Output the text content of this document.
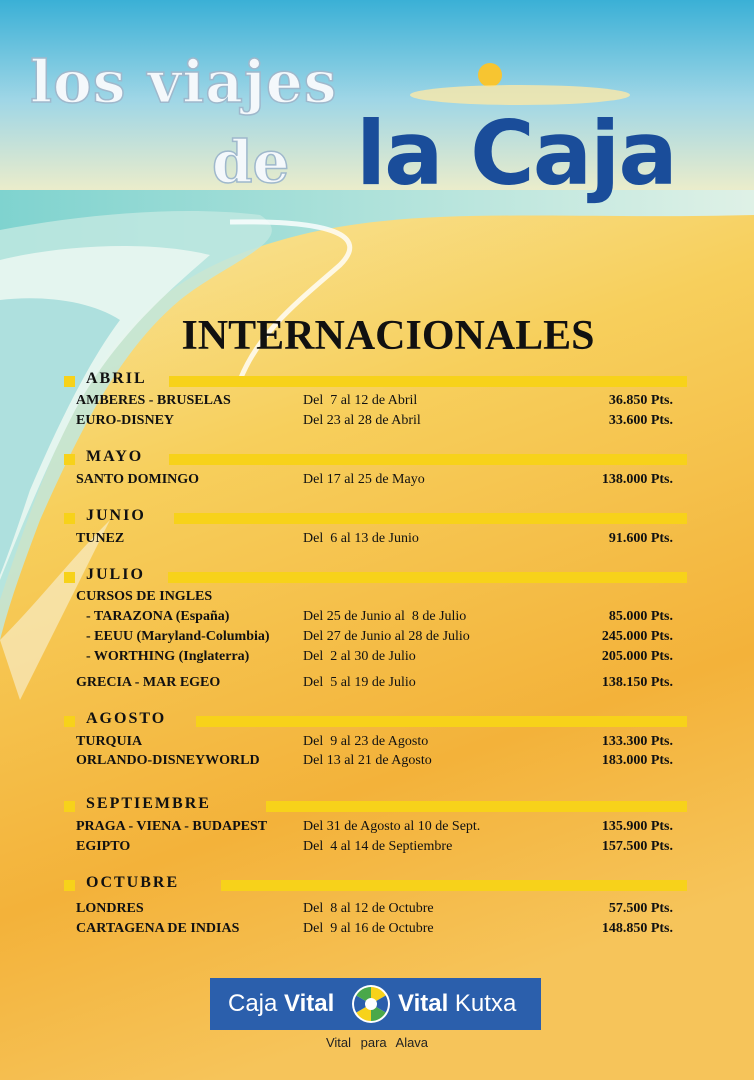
los viajes
de la Caja
INTERNACIONALES
ABRIL
AMBERES - BRUSELAS	Del  7 al 12 de Abril	36.850 Pts.
EURO-DISNEY	Del 23 al 28 de Abril	33.600 Pts.
MAYO
SANTO DOMINGO	Del 17 al 25 de Mayo	138.000 Pts.
JUNIO
TUNEZ	Del  6 al 13 de Junio	91.600 Pts.
JULIO
CURSOS DE INGLES
- TARAZONA (España)	Del 25 de Junio al  8 de Julio	85.000 Pts.
- EEUU (Maryland-Columbia) Del 27 de Junio al 28 de Julio	245.000 Pts.
- WORTHING (Inglaterra)	Del  2 al 30 de Julio	205.000 Pts.
GRECIA - MAR EGEO	Del  5 al 19 de Julio	138.150 Pts.
AGOSTO
TURQUIA	Del  9 al 23 de Agosto	133.300 Pts.
ORLANDO-DISNEYWORLD	Del 13 al 21 de Agosto	183.000 Pts.
SEPTIEMBRE
PRAGA - VIENA - BUDAPEST	Del 31 de Agosto al 10 de Sept.	135.900 Pts.
EGIPTO	Del  4 al 14 de Septiembre	157.500 Pts.
OCTUBRE
LONDRES	Del  8 al 12 de Octubre	57.500 Pts.
CARTAGENA DE INDIAS	Del  9 al 16 de Octubre	148.850 Pts.
Caja Vital	Vital Kutxa
Vital para Alava
